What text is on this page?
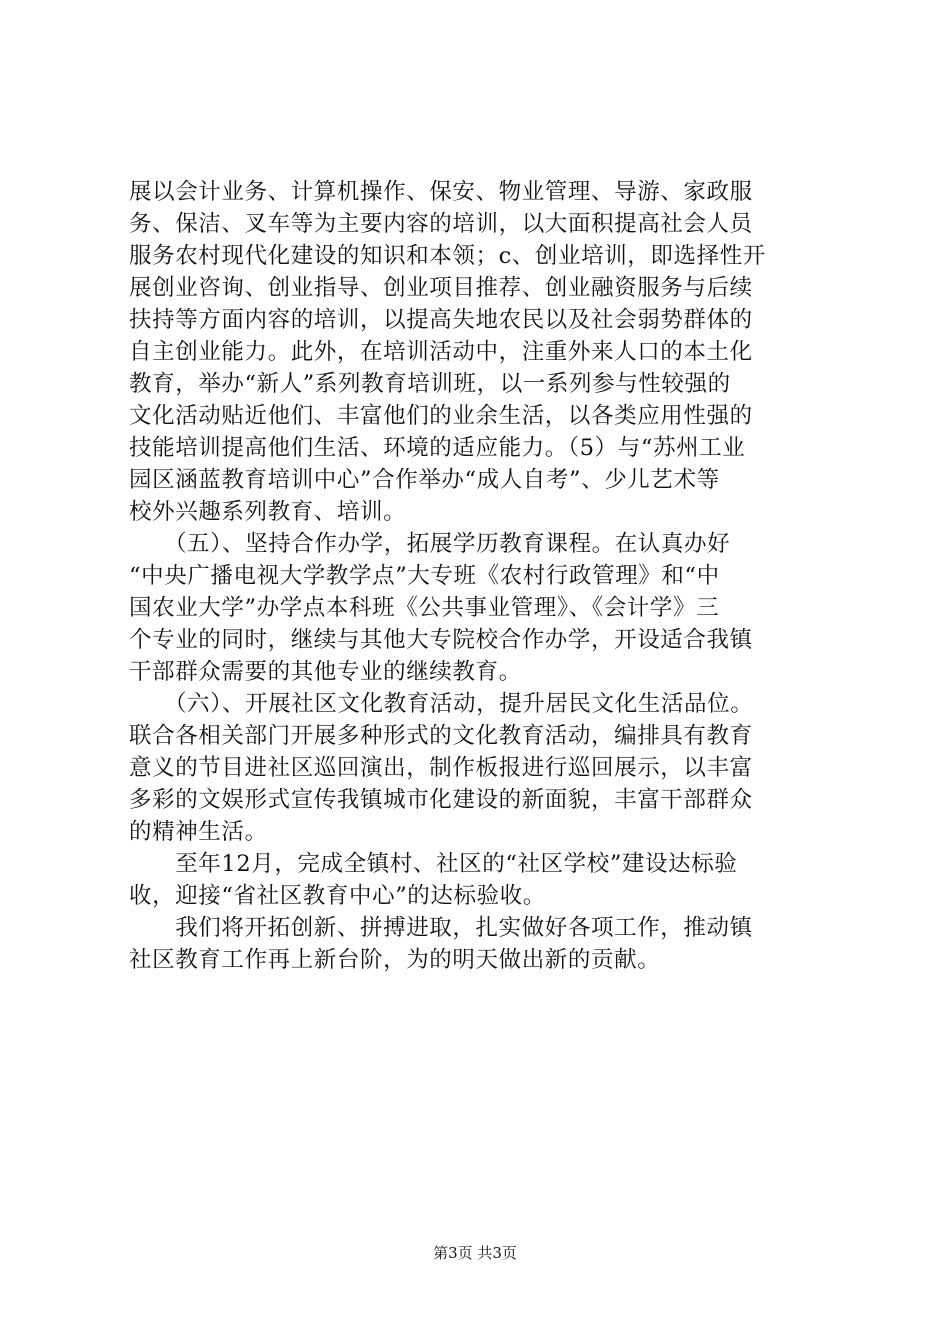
展以会计业务、计算机操作、保安、物业管理、导游、家政服
务、保洁、叉车等为主要内容的培训，以大面积提高社会人员
服务农村现代化建设的知识和本领；c、创业培训，即选择性开
展创业咨询、创业指导、创业项目推荐、创业融资服务与后续
扶持等方面内容的培训，以提高失地农民以及社会弱势群体的
自主创业能力。此外，在培训活动中，注重外来人口的本土化
教育，举办“新人”系列教育培训班，以一系列参与性较强的
文化活动贴近他们、丰富他们的业余生活，以各类应用性强的
技能培训提高他们生活、环境的适应能力。（5）与“苏州工业
园区涵蓝教育培训中心”合作举办“成人自考”、少儿艺术等
校外兴趣系列教育、培训。
　　（五）、坚持合作办学，拓展学历教育课程。在认真办好
“中央广播电视大学教学点”大专班《农村行政管理》和“中
国农业大学”办学点本科班《公共事业管理》、《会计学》三
个专业的同时，继续与其他大专院校合作办学，开设适合我镇
干部群众需要的其他专业的继续教育。
　　（六）、开展社区文化教育活动，提升居民文化生活品位。
联合各相关部门开展多种形式的文化教育活动，编排具有教育
意义的节目进社区巡回演出，制作板报进行巡回展示，以丰富
多彩的文娱形式宣传我镇城市化建设的新面貌，丰富干部群众
的精神生活。
　　至年12月，完成全镇村、社区的“社区学校”建设达标验
收，迎接“省社区教育中心”的达标验收。
　　我们将开拓创新、拼搏进取，扎实做好各项工作，推动镇
社区教育工作再上新台阶，为的明天做出新的贡献。
第3页 共3页
